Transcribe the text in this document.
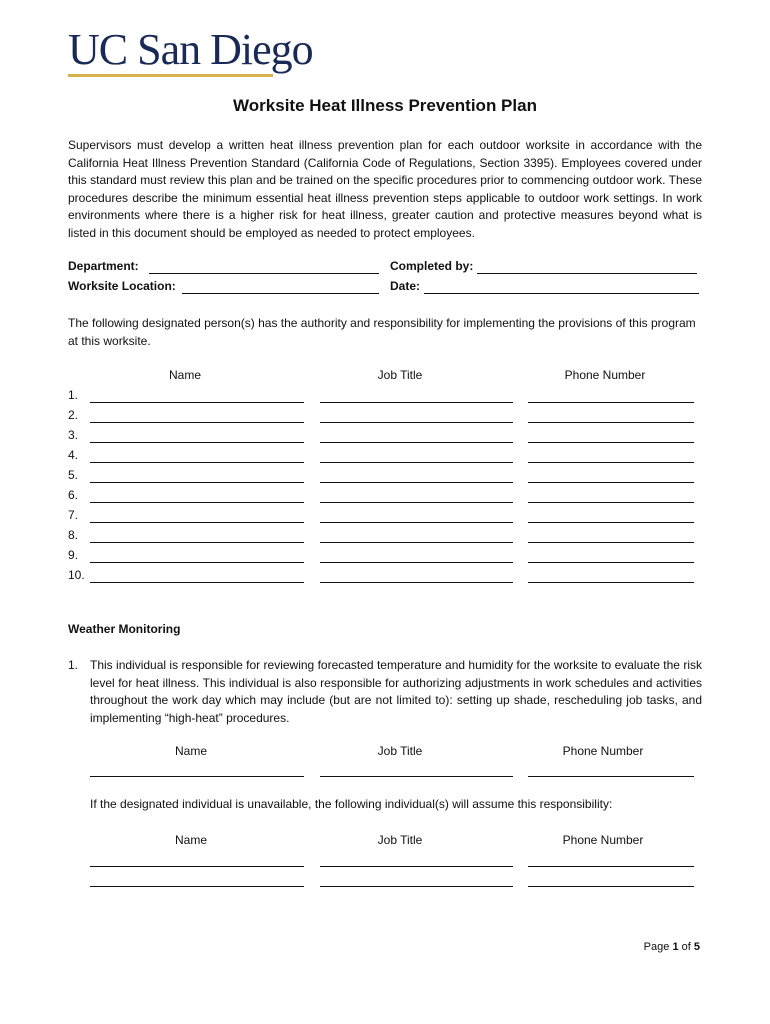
UC San Diego
Worksite Heat Illness Prevention Plan
Supervisors must develop a written heat illness prevention plan for each outdoor worksite in accordance with the California Heat Illness Prevention Standard (California Code of Regulations, Section 3395). Employees covered under this standard must review this plan and be trained on the specific procedures prior to commencing outdoor work. These procedures describe the minimum essential heat illness prevention steps applicable to outdoor work settings. In work environments where there is a higher risk for heat illness, greater caution and protective measures beyond what is listed in this document should be employed as needed to protect employees.
Department:	Completed by:
Worksite Location:	Date:
The following designated person(s) has the authority and responsibility for implementing the provisions of this program at this worksite.
Name	Job Title	Phone Number
1.
2.
3.
4.
5.
6.
7.
8.
9.
10.
Weather Monitoring
1. This individual is responsible for reviewing forecasted temperature and humidity for the worksite to evaluate the risk level for heat illness. This individual is also responsible for authorizing adjustments in work schedules and activities throughout the work day which may include (but are not limited to): setting up shade, rescheduling job tasks, and implementing “high-heat” procedures.
Name	Job Title	Phone Number
If the designated individual is unavailable, the following individual(s) will assume this responsibility:
Name	Job Title	Phone Number
Page 1 of 5
